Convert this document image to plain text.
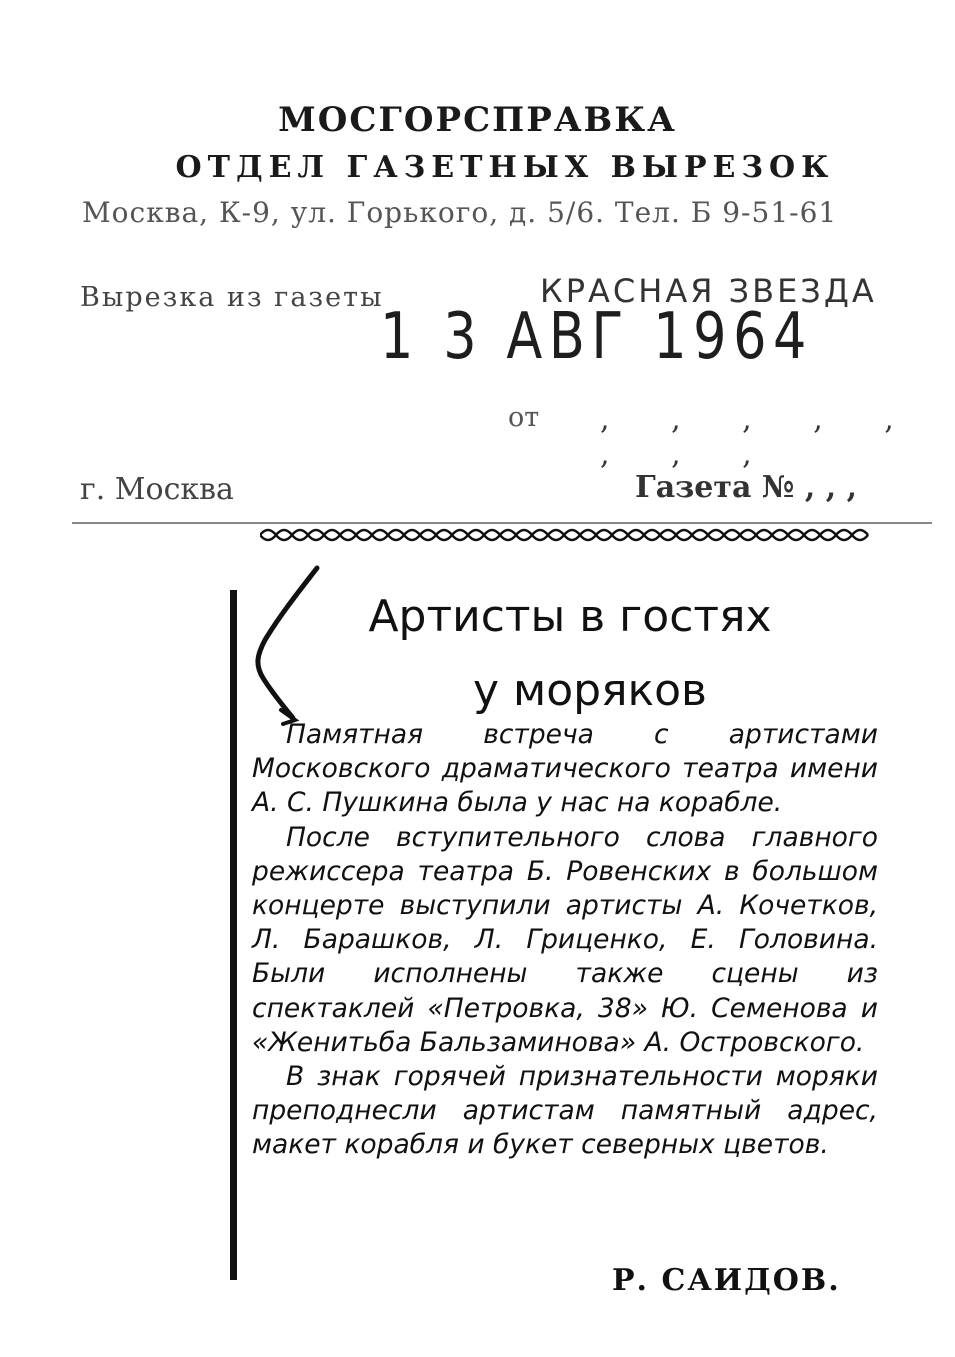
МОСГОРСПРАВКА
ОТДЕЛ ГАЗЕТНЫХ ВЫРЕЗОК
Москва, К-9, ул. Горького, д. 5/6. Тел. Б 9-51-61
Вырезка из газеты	КРАСНАЯ ЗВЕЗДА
1 3 АВГ 1964
от , , , , , , , ,
г. Москва	Газета № , , ,
Артисты в гостях
у моряков

Памятная встреча с артистами Московского драматического театра имени А. С. Пушкина была у нас на корабле.

После вступительного слова главного режиссера театра Б. Ровенских в большом концерте выступили артисты А. Кочетков, Л. Барашков, Л. Гриценко, Е. Головина. Были исполнены также сцены из спектаклей «Петровка, 38» Ю. Семенова и «Женитьба Бальзаминова» А. Островского.

В знак горячей признательности моряки преподнесли артистам памятный адрес, макет корабля и букет северных цветов.

Р. САИДОВ.
